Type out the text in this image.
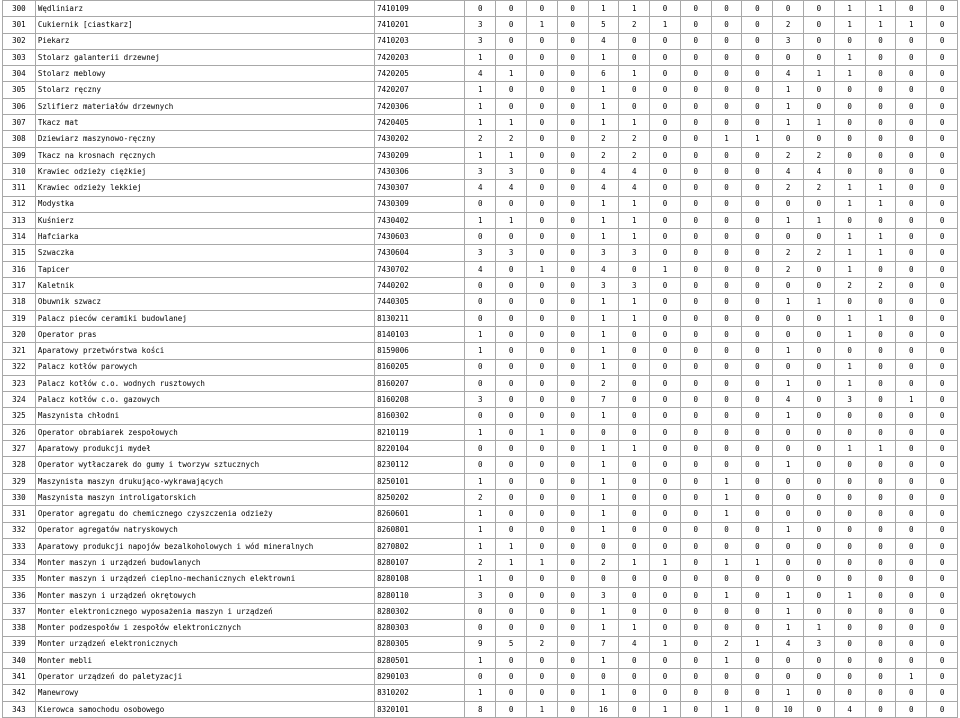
300	Wędliniarz	7410109	0	0	0	0	1	1	0	0	0	0	0	0	1	1	0	0
301	Cukiernik [ciastkarz]	7410201	3	0	1	0	5	2	1	0	0	0	2	0	1	1	1	0
302	Piekarz	7410203	3	0	0	0	4	0	0	0	0	0	3	0	0	0	0	0
303	Stolarz galanterii drzewnej	7420203	1	0	0	0	1	0	0	0	0	0	0	0	1	0	0	0
304	Stolarz meblowy	7420205	4	1	0	0	6	1	0	0	0	0	4	1	1	0	0	0
305	Stolarz ręczny	7420207	1	0	0	0	1	0	0	0	0	0	1	0	0	0	0	0
306	Szlifierz materiałów drzewnych	7420306	1	0	0	0	1	0	0	0	0	0	1	0	0	0	0	0
307	Tkacz mat	7420405	1	1	0	0	1	1	0	0	0	0	1	1	0	0	0	0
308	Dziewiarz maszynowo-ręczny	7430202	2	2	0	0	2	2	0	0	1	1	0	0	0	0	0	0
309	Tkacz na krosnach ręcznych	7430209	1	1	0	0	2	2	0	0	0	0	2	2	0	0	0	0
310	Krawiec odzieży ciężkiej	7430306	3	3	0	0	4	4	0	0	0	0	4	4	0	0	0	0
311	Krawiec odzieży lekkiej	7430307	4	4	0	0	4	4	0	0	0	0	2	2	1	1	0	0
312	Modystka	7430309	0	0	0	0	1	1	0	0	0	0	0	0	1	1	0	0
313	Kuśnierz	7430402	1	1	0	0	1	1	0	0	0	0	1	1	0	0	0	0
314	Hafciarka	7430603	0	0	0	0	1	1	0	0	0	0	0	0	1	1	0	0
315	Szwaczka	7430604	3	3	0	0	3	3	0	0	0	0	2	2	1	1	0	0
316	Tapicer	7430702	4	0	1	0	4	0	1	0	0	0	2	0	1	0	0	0
317	Kaletnik	7440202	0	0	0	0	3	3	0	0	0	0	0	0	2	2	0	0
318	Obuwnik szwacz	7440305	0	0	0	0	1	1	0	0	0	0	1	1	0	0	0	0
319	Palacz pieców ceramiki budowlanej	8130211	0	0	0	0	1	1	0	0	0	0	0	0	1	1	0	0
320	Operator pras	8140103	1	0	0	0	1	0	0	0	0	0	0	0	1	0	0	0
321	Aparatowy przetwórstwa kości	8159006	1	0	0	0	1	0	0	0	0	0	1	0	0	0	0	0
322	Palacz kotłów parowych	8160205	0	0	0	0	1	0	0	0	0	0	0	0	1	0	0	0
323	Palacz kotłów c.o. wodnych rusztowych	8160207	0	0	0	0	2	0	0	0	0	0	1	0	1	0	0	0
324	Palacz kotłów c.o. gazowych	8160208	3	0	0	0	7	0	0	0	0	0	4	0	3	0	1	0
325	Maszynista chłodni	8160302	0	0	0	0	1	0	0	0	0	0	1	0	0	0	0	0
326	Operator obrabiarek zespołowych	8210119	1	0	1	0	0	0	0	0	0	0	0	0	0	0	0	0
327	Aparatowy produkcji mydeł	8220104	0	0	0	0	1	1	0	0	0	0	0	0	1	1	0	0
328	Operator wytłaczarek do gumy i tworzyw sztucznych	8230112	0	0	0	0	1	0	0	0	0	0	1	0	0	0	0	0
329	Maszynista maszyn drukująco-wykrawających	8250101	1	0	0	0	1	0	0	0	1	0	0	0	0	0	0	0
330	Maszynista maszyn introligatorskich	8250202	2	0	0	0	1	0	0	0	1	0	0	0	0	0	0	0
331	Operator agregatu do chemicznego czyszczenia odzieży	8260601	1	0	0	0	1	0	0	0	1	0	0	0	0	0	0	0
332	Operator agregatów natryskowych	8260801	1	0	0	0	1	0	0	0	0	0	1	0	0	0	0	0
333	Aparatowy produkcji napojów bezalkoholowych i wód mineralnych	8270802	1	1	0	0	0	0	0	0	0	0	0	0	0	0	0	0
334	Monter maszyn i urządzeń budowlanych	8280107	2	1	1	0	2	1	1	0	1	1	0	0	0	0	0	0
335	Monter maszyn i urządzeń cieplno-mechanicznych elektrowni	8280108	1	0	0	0	0	0	0	0	0	0	0	0	0	0	0	0
336	Monter maszyn i urządzeń okrętowych	8280110	3	0	0	0	3	0	0	0	1	0	1	0	1	0	0	0
337	Monter elektronicznego wyposażenia maszyn i urządzeń	8280302	0	0	0	0	1	0	0	0	0	0	1	0	0	0	0	0
338	Monter podzespołów i zespołów elektronicznych	8280303	0	0	0	0	1	1	0	0	0	0	1	1	0	0	0	0
339	Monter urządzeń elektronicznych	8280305	9	5	2	0	7	4	1	0	2	1	4	3	0	0	0	0
340	Monter mebli	8280501	1	0	0	0	1	0	0	0	1	0	0	0	0	0	0	0
341	Operator urządzeń do paletyzacji	8290103	0	0	0	0	0	0	0	0	0	0	0	0	0	0	1	0
342	Manewrowy	8310202	1	0	0	0	1	0	0	0	0	0	1	0	0	0	0	0
343	Kierowca samochodu osobowego	8320101	8	0	1	0	16	0	1	0	1	0	10	0	4	0	0	0
